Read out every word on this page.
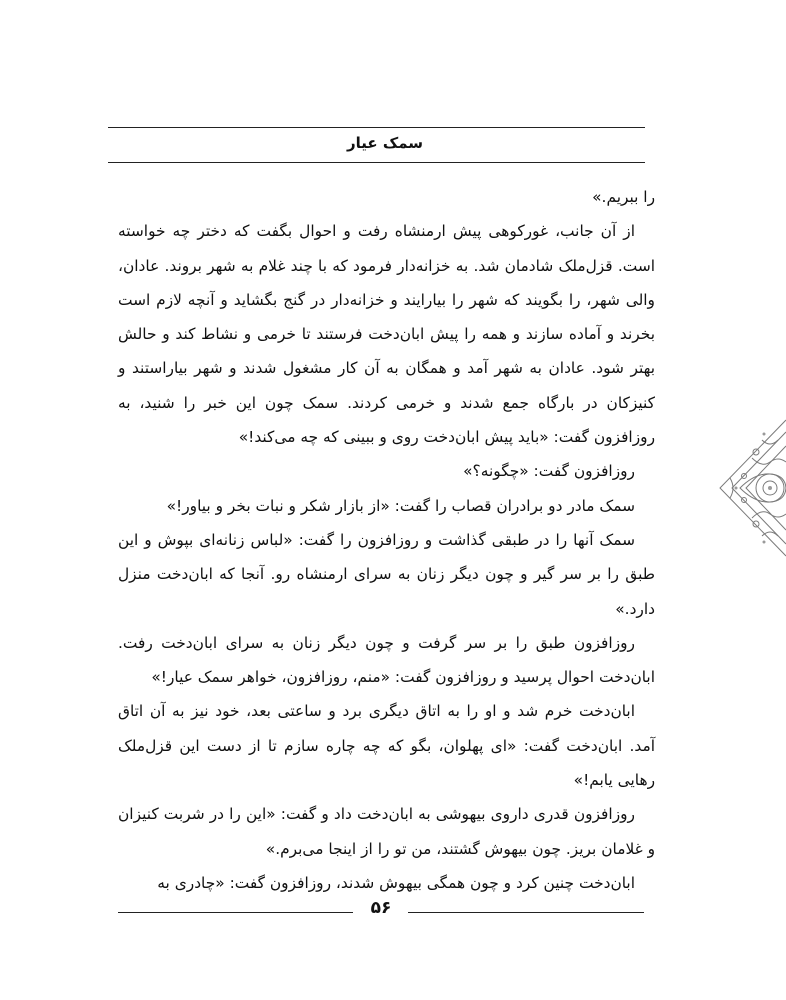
سمک عیار

را ببریم.»

از آن جانب، غورکوهی پیش ارمنشاه رفت و احوال بگفت که دختر چه خواسته است. قزل‌ملک شادمان شد. به خزانه‌دار فرمود که با چند غلام به شهر بروند. عادان، والی شهر، را بگویند که شهر را بیارایند و خزانه‌دار در گنج بگشاید و آنچه لازم است بخرند و آماده سازند و همه را پیش ابان‌دخت فرستند تا خرمی و نشاط کند و حالش بهتر شود. عادان به شهر آمد و همگان به آن کار مشغول شدند و شهر بیاراستند و کنیزکان در بارگاه جمع شدند و خرمی کردند. سمک چون این خبر را شنید، به روزافزون گفت: «باید پیش ابان‌دخت روی و ببینی که چه می‌کند!»

روزافزون گفت: «چگونه؟»

سمک مادر دو برادران قصاب را گفت: «از بازار شکر و نبات بخر و بیاور!»

سمک آنها را در طبقی گذاشت و روزافزون را گفت: «لباس زنانه‌ای بپوش و این طبق را بر سر گیر و چون دیگر زنان به سرای ارمنشاه رو. آنجا که ابان‌دخت منزل دارد.»

روزافزون طبق را بر سر گرفت و چون دیگر زنان به سرای ابان‌دخت رفت. ابان‌دخت احوال پرسید و روزافزون گفت: «منم، روزافزون، خواهر سمک عیار!»

ابان‌دخت خرم شد و او را به اتاق دیگری برد و ساعتی بعد، خود نیز به آن اتاق آمد. ابان‌دخت گفت: «ای پهلوان، بگو که چه چاره سازم تا از دست این قزل‌ملک رهایی یابم!»

روزافزون قدری داروی بیهوشی به ابان‌دخت داد و گفت: «این را در شربت کنیزان و غلامان بریز. چون بیهوش گشتند، من تو را از اینجا می‌برم.»

ابان‌دخت چنین کرد و چون همگی بیهوش شدند، روزافزون گفت: «چادری به

۵۶
